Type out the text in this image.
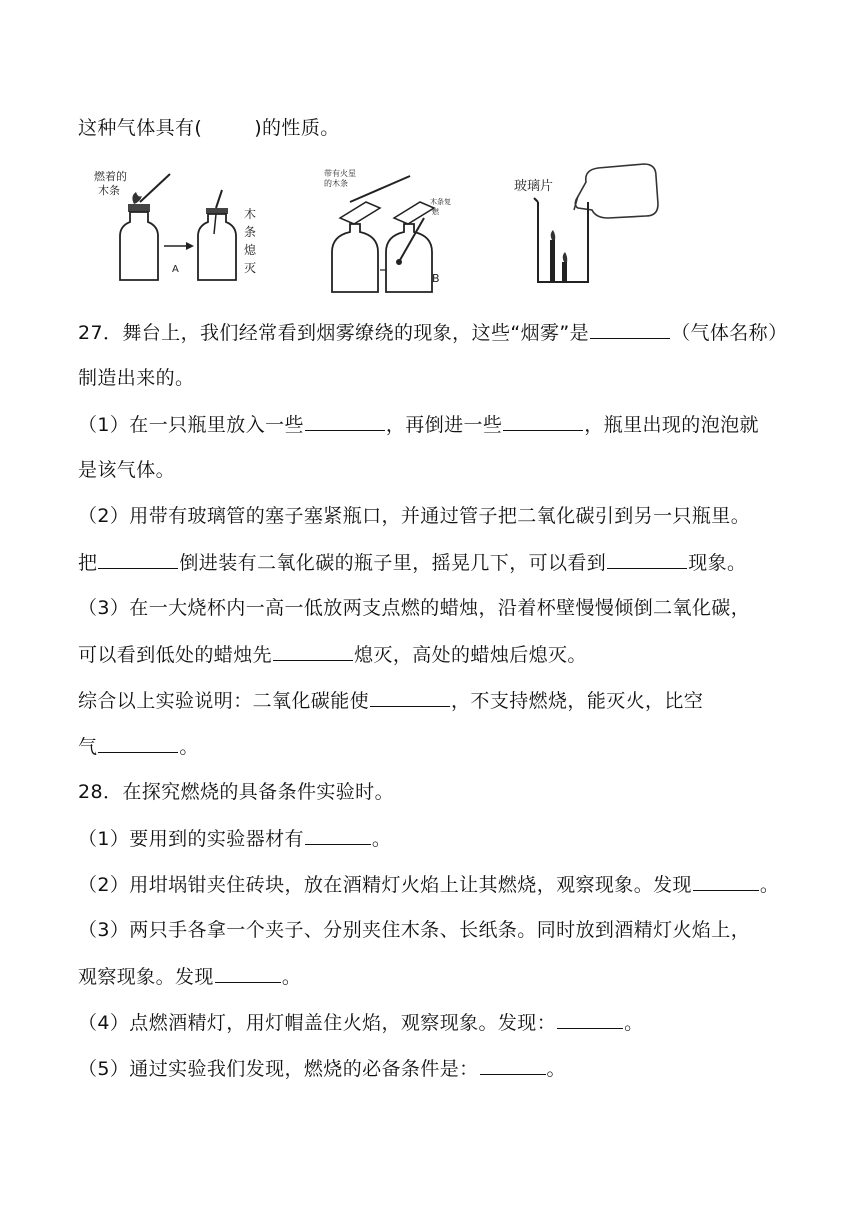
这种气体具有(	)的性质。
燃着的
木条
A
木
条
熄
灭
带有火星
的木条
B
木条复
燃
玻璃片
27．舞台上，我们经常看到烟雾缭绕的现象，这些“烟雾”是	（气体名称）
制造出来的。
（1）在一只瓶里放入一些	，再倒进一些	，瓶里出现的泡泡就
是该气体。
（2）用带有玻璃管的塞子塞紧瓶口，并通过管子把二氧化碳引到另一只瓶里。
把	倒进装有二氧化碳的瓶子里，摇晃几下，可以看到	现象。
（3）在一大烧杯内一高一低放两支点燃的蜡烛，沿着杯壁慢慢倾倒二氧化碳，
可以看到低处的蜡烛先	熄灭，高处的蜡烛后熄灭。
综合以上实验说明：二氧化碳能使	，不支持燃烧，能灭火，比空
气	。
28．在探究燃烧的具备条件实验时。
（1）要用到的实验器材有	。
（2）用坩埚钳夹住砖块，放在酒精灯火焰上让其燃烧，观察现象。发现	。
（3）两只手各拿一个夹子、分别夹住木条、长纸条。同时放到酒精灯火焰上，
观察现象。发现	。
（4）点燃酒精灯，用灯帽盖住火焰，观察现象。发现：	。
（5）通过实验我们发现，燃烧的必备条件是：	。
